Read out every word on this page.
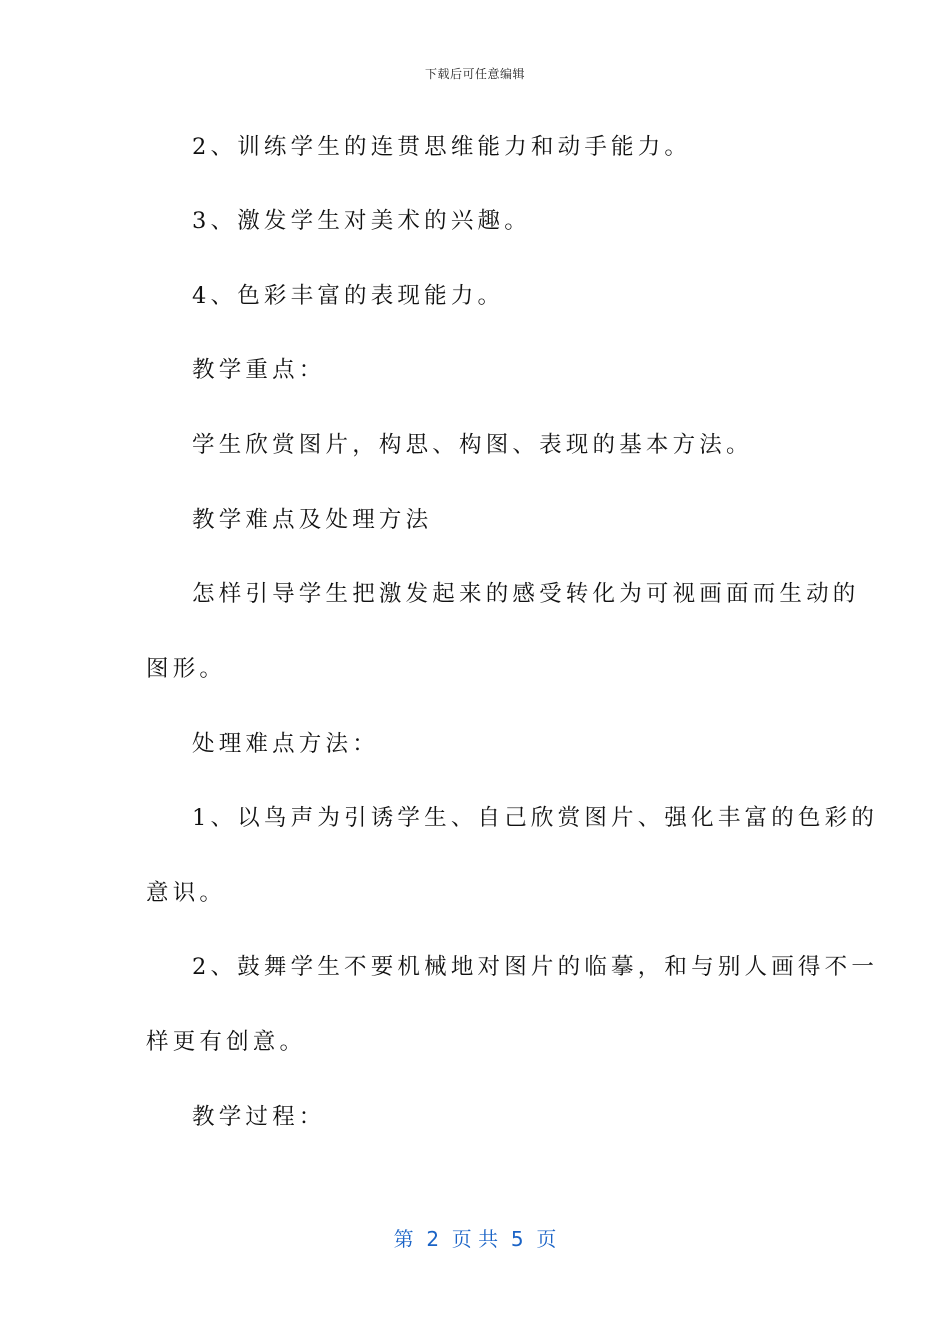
下载后可任意编辑
2、训练学生的连贯思维能力和动手能力。
3、激发学生对美术的兴趣。
4、色彩丰富的表现能力。
教学重点：
学生欣赏图片，构思、构图、表现的基本方法。
教学难点及处理方法
怎样引导学生把激发起来的感受转化为可视画面而生动的
图形。
处理难点方法：
1、以鸟声为引诱学生、自己欣赏图片、强化丰富的色彩的
意识。
2、鼓舞学生不要机械地对图片的临摹，和与别人画得不一
样更有创意。
教学过程：
第  2  页 共  5  页
